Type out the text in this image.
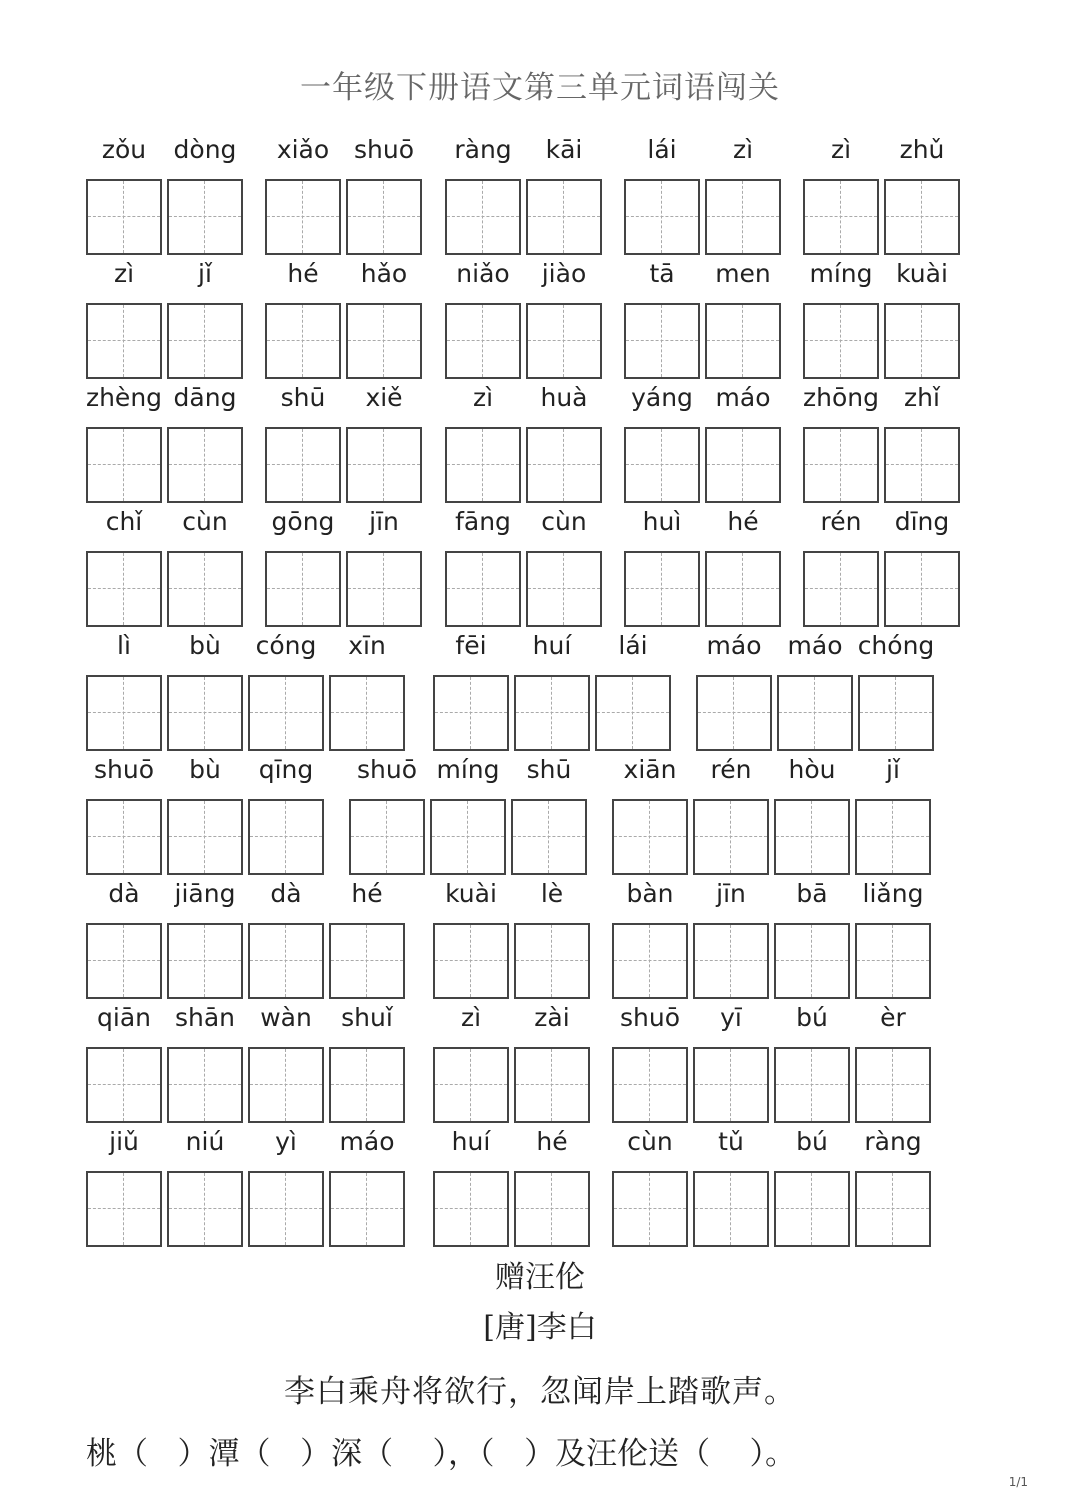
一年级下册语文第三单元词语闯关
zǒu	dòng	xiǎo shuō	ràng	kāi	lái	zì	zì	zhǔ
zì	jǐ	hé	hǎo	niǎo	jiào	tā	men	míng kuài
zhèng dāng	shū	xiě	zì	huà	yáng máo	zhōng	zhǐ
chǐ	cùn	gōng	jīn	fāng	cùn	huì	hé	rén	dīng
lì	bù	cóng	xīn	fēi	huí	lái	máo	máo chóng
shuō	bù	qīng	shuō míng	shū	xiān	rén	hòu	jǐ
dà	jiāng	dà	hé	kuài	lè	bàn	jīn	bā	liǎng
qiān shān	wàn	shuǐ	zì	zài	shuō	yī	bú	èr
jiǔ	niú	yì	máo	huí	hé	cùn	tǔ	bú	ràng
赠汪伦
[唐]李白
李白乘舟将欲行，忽闻岸上踏歌声。
桃（   ）潭（   ）深（    ），（   ）及汪伦送（    ）。
1/1
